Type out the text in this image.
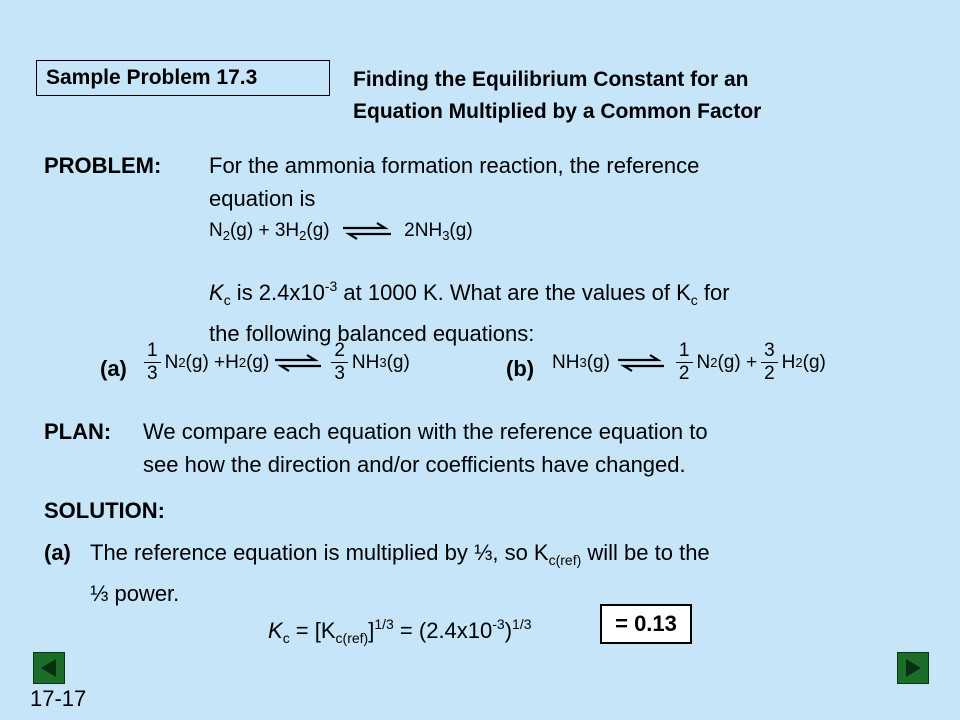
Sample Problem 17.3	Finding the Equilibrium Constant for an
Equation Multiplied by a Common Factor
PROBLEM: For the ammonia formation reaction, the reference
equation is
$N_2(g) + 3H_2(g)$ ⇌ $2NH_3(g)$
$K_c$ is $2.4x10^{-3}$ at 1000 K. What are the values of $K_c$ for
the following balanced equations:
$(a) \frac{1}{3}$ N 2 (g) +H 2 (g) ⇌ $\frac{2}{3}$ NH 3 (g)	(b) NH 3 (g) ⇌ $\frac{1}{2}$ N 2 $(g) + \frac{3}{2}$ H 2 (g)
PLAN: We compare each equation with the reference equation to
see how the direction and/or coefficients have changed.
SOLUTION:
(a) The reference equation is multiplied by ⅓, so $K_{c(ref)}$ will be to the
⅓ power.
$K_c = [K_{c(ref)}]^{1/3} = (2.4x10^{-3})^{1/3}$	= 0.13
17-17
